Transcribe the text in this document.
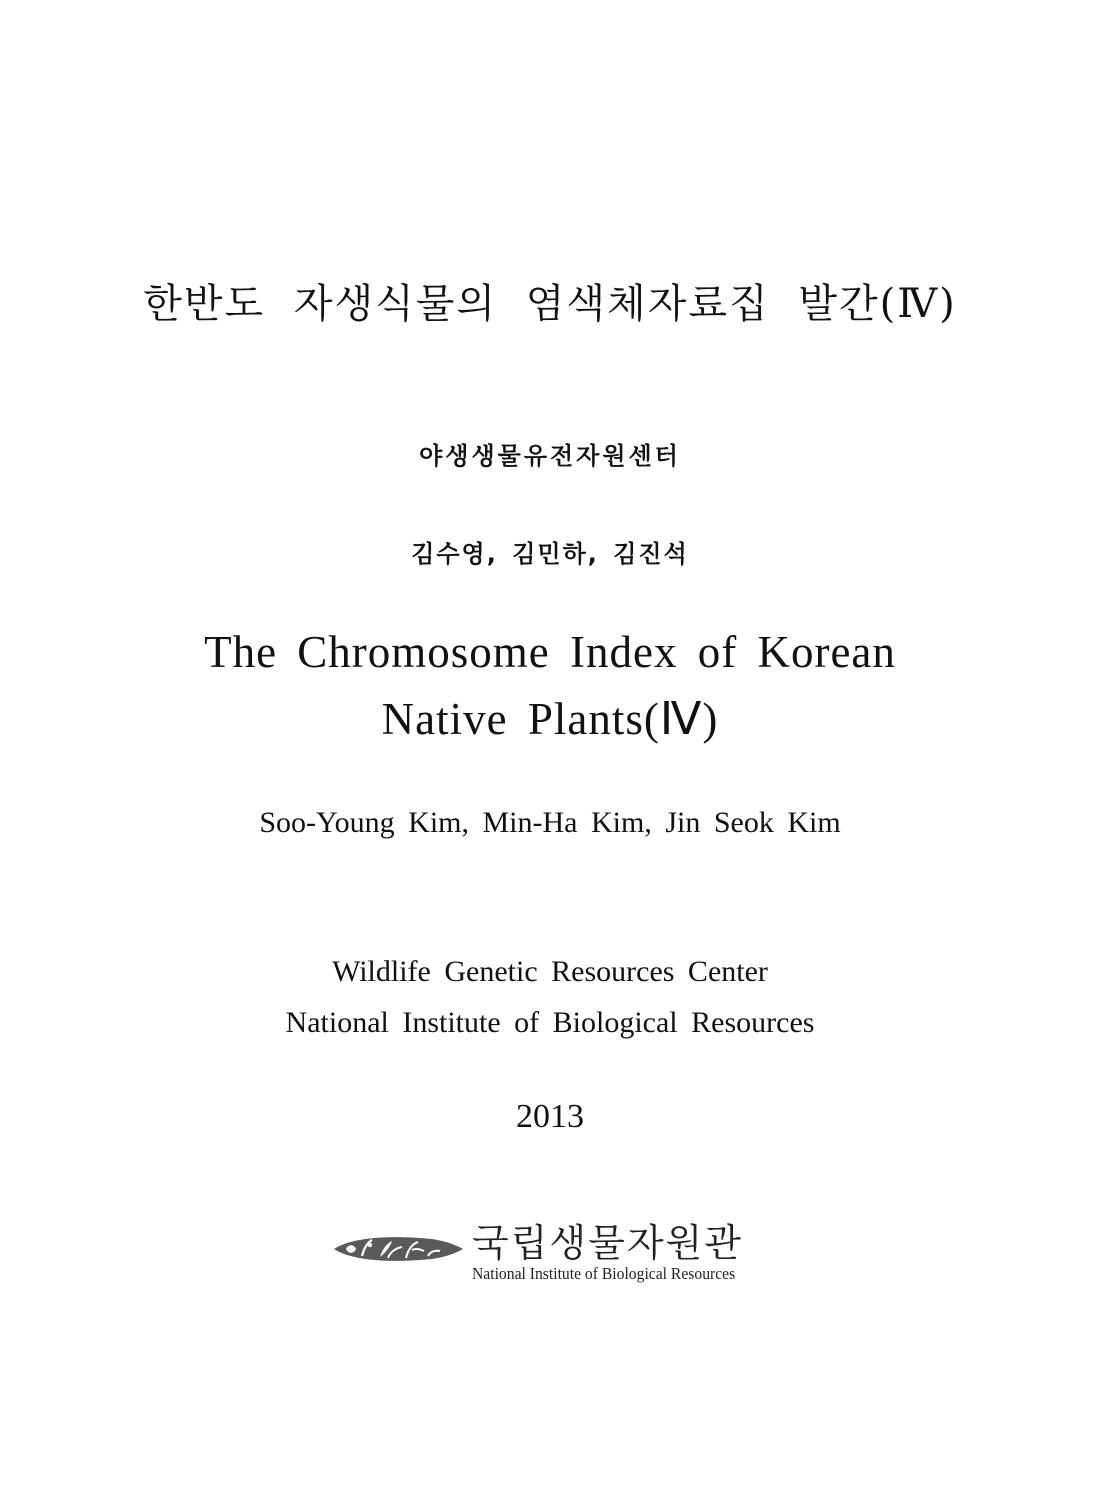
한반도 자생식물의 염색체자료집 발간(Ⅳ)
야생생물유전자원센터
김수영, 김민하, 김진석
The Chromosome Index of Korean
Native Plants(Ⅳ)
Soo-Young Kim, Min-Ha Kim, Jin Seok Kim
Wildlife Genetic Resources Center
National Institute of Biological Resources
2013
국립생물자원관
National Institute of Biological Resources
